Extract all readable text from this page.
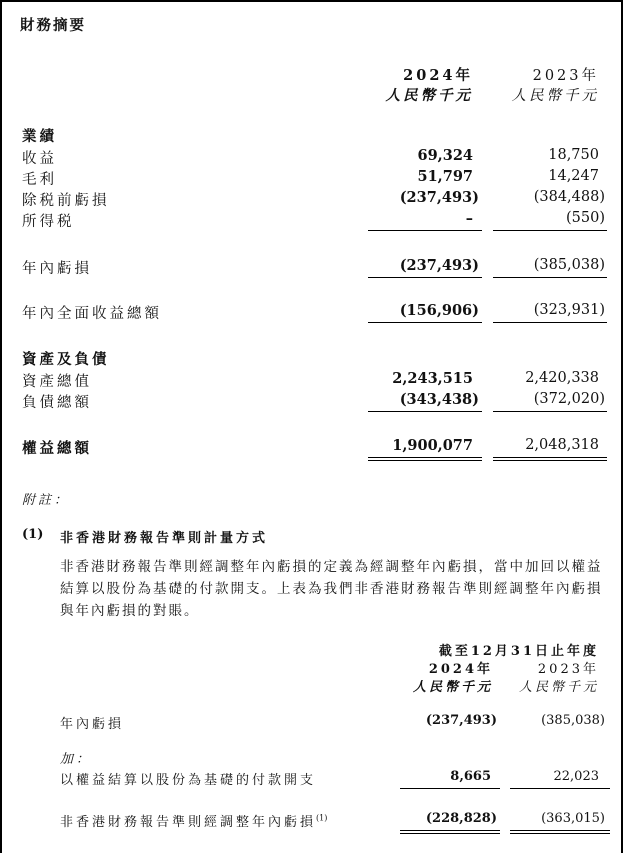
財務摘要
2024年	2023年
人民幣千元	人民幣千元
業績
收益	69,324	18,750
毛利	51,797	14,247
除税前虧損	(237,493)	(384,488)
所得税	–	(550)
年內虧損	(237,493)	(385,038)
年內全面收益總額	(156,906)	(323,931)
資產及負債
資產總值	2,243,515	2,420,338
負債總額	(343,438)	(372,020)
權益總額	1,900,077	2,048,318
附註：
(1) 非香港財務報告準則計量方式
非香港財務報告準則經調整年內虧損的定義為經調整年內虧損，當中加回以權益結算以股份為基礎的付款開支。上表為我們非香港財務報告準則經調整年內虧損與年內虧損的對賬。
截至12月31日止年度
2024年	2023年
人民幣千元 人民幣千元
年內虧損	(237,493)	(385,038)
加：
以權益結算以股份為基礎的付款開支	8,665	22,023
非香港財務報告準則經調整年內虧損$^{(1)}$	(228,828)	(363,015)
